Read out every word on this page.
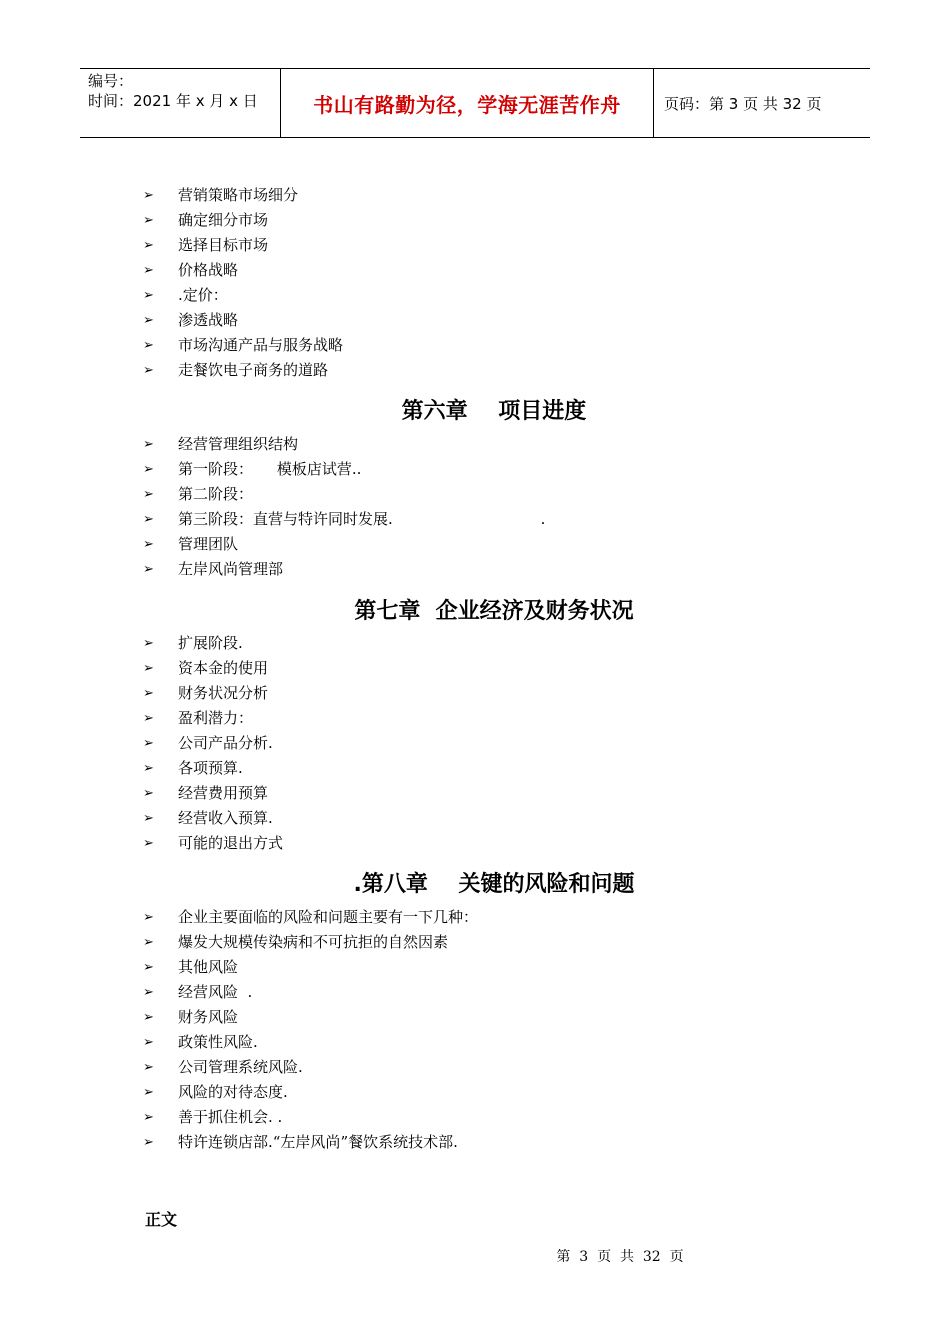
编号：
时间：2021 年 x 月 x 日	书山有路勤为径，学海无涯苦作舟	页码：第 3 页 共 32 页
➢	营销策略市场细分
➢	确定细分市场
➢	选择目标市场
➢	价格战略
➢	.定价：
➢	渗透战略
➢	市场沟通产品与服务战略
➢	走餐饮电子商务的道路
第六章    项目进度
➢	经营管理组织结构
➢	第一阶段：     模板店试营..
➢	第二阶段：
➢	第三阶段：直营与特许同时发展.                               .
➢	管理团队
➢	左岸风尚管理部
第七章  企业经济及财务状况
➢	扩展阶段.
➢	资本金的使用
➢	财务状况分析
➢	盈利潜力：
➢	公司产品分析.
➢	各项预算.
➢	经营费用预算
➢	经营收入预算.
➢	可能的退出方式
.第八章    关键的风险和问题
➢	企业主要面临的风险和问题主要有一下几种：
➢	爆发大规模传染病和不可抗拒的自然因素
➢	其他风险
➢	经营风险  .
➢	财务风险
➢	政策性风险.
➢	公司管理系统风险.
➢	风险的对待态度.
➢	善于抓住机会. .
➢	特许连锁店部.“左岸风尚”餐饮系统技术部.
正文
第  3  页  共  32  页
